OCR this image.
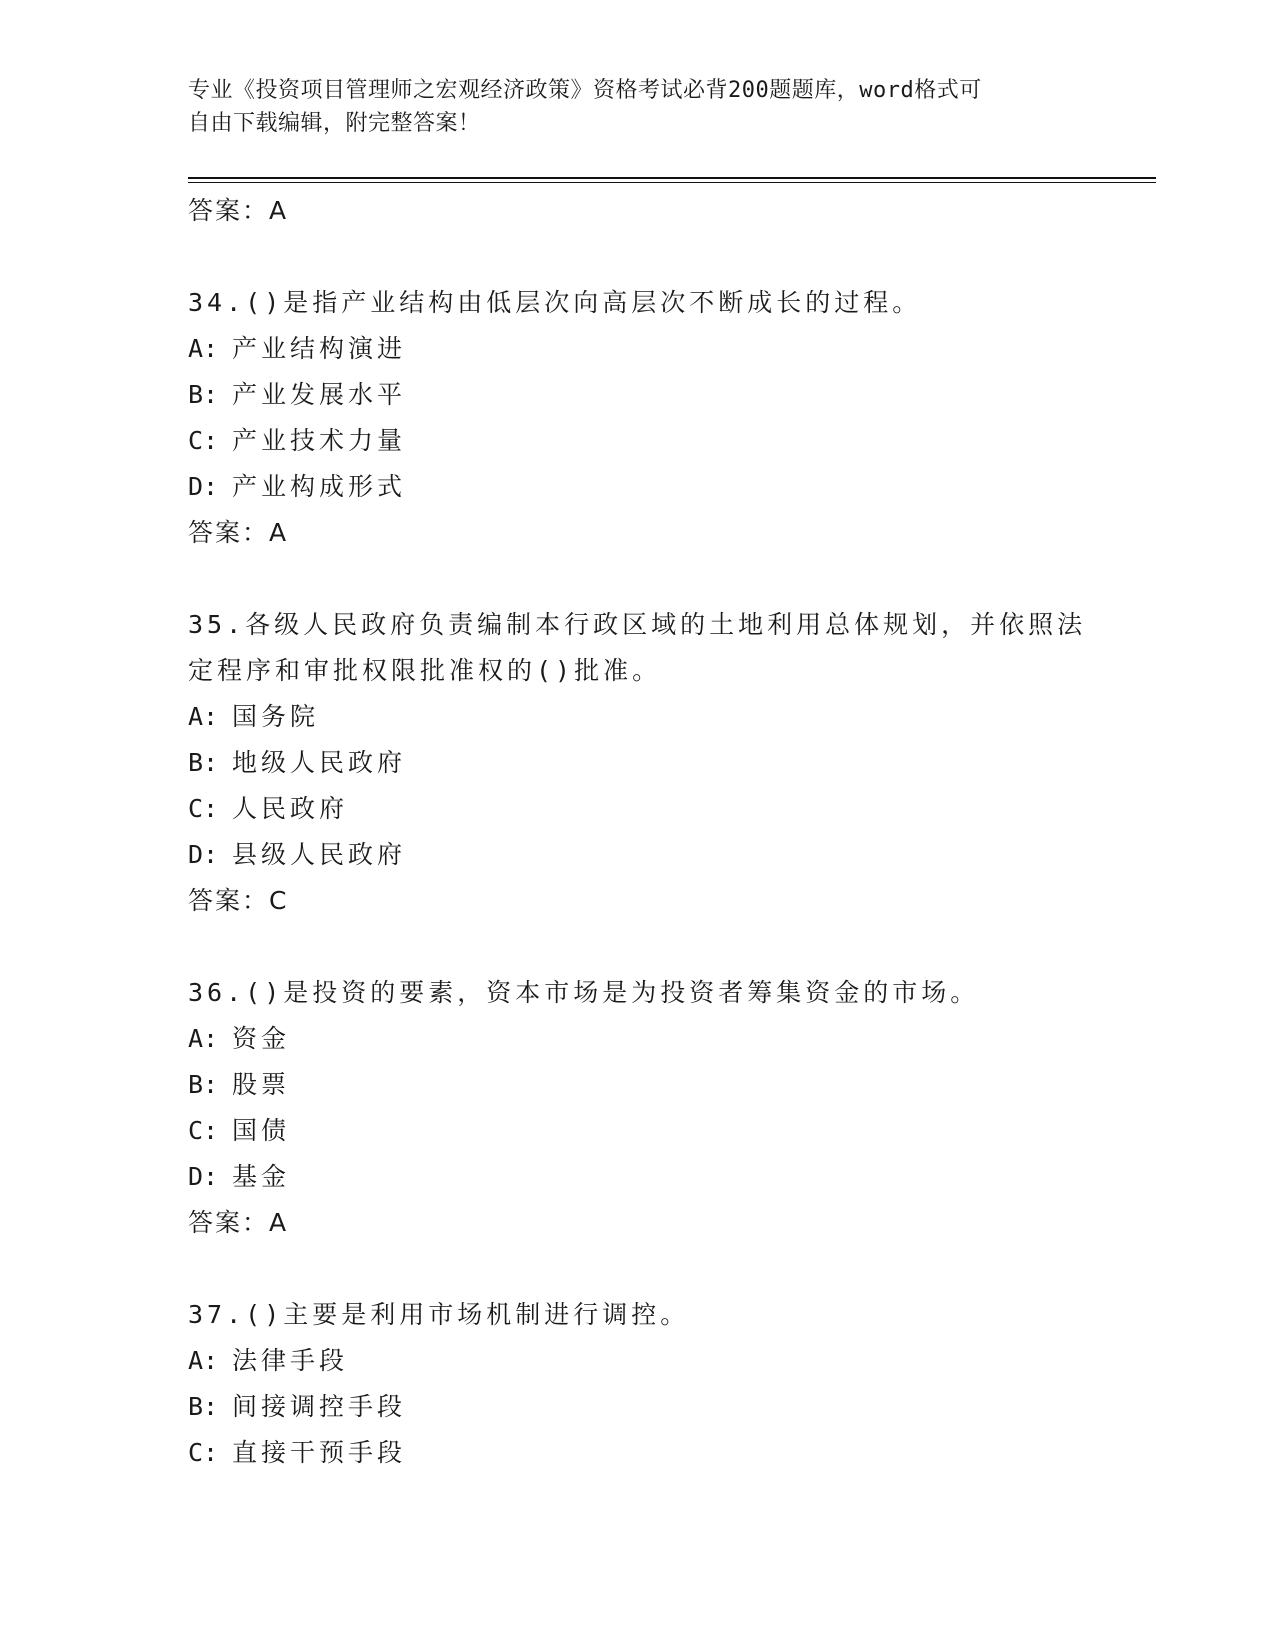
专业《投资项目管理师之宏观经济政策》资格考试必背200题题库，word格式可
自由下载编辑，附完整答案！
答案：A
34.()是指产业结构由低层次向高层次不断成长的过程。
A: 产业结构演进
B: 产业发展水平
C: 产业技术力量
D: 产业构成形式
答案：A
35.各级人民政府负责编制本行政区域的土地利用总体规划，并依照法
定程序和审批权限批准权的()批准。
A: 国务院
B: 地级人民政府
C: 人民政府
D: 县级人民政府
答案：C
36.()是投资的要素，资本市场是为投资者筹集资金的市场。
A: 资金
B: 股票
C: 国债
D: 基金
答案：A
37.()主要是利用市场机制进行调控。
A: 法律手段
B: 间接调控手段
C: 直接干预手段
